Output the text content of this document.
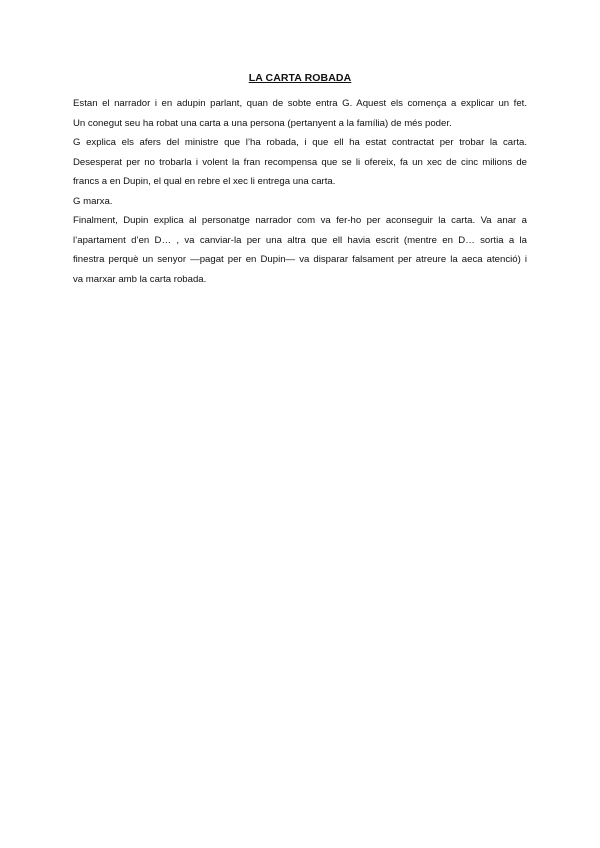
LA CARTA ROBADA

Estan el narrador i en adupin parlant, quan de sobte entra G. Aquest els comença a explicar un fet.
Un conegut seu ha robat una carta a una persona (pertanyent a la família) de més poder.

G explica els afers del ministre que l’ha robada, i que ell ha estat contractat per trobar la carta.
Desesperat per no trobarla i volent la fran recompensa que se li ofereix, fa un xec de cinc milions de
francs a en Dupin, el qual en rebre el xec li entrega una carta.

G marxa.

Finalment, Dupin explica al personatge narrador com va fer-ho per aconseguir la carta. Va anar a
l’apartament d’en D… , va canviar-la per una altra que ell havia escrit (mentre en D… sortia a la
finestra perquè un senyor —pagat per en Dupin— va disparar falsament per atreure la aeca atenció) i
va marxar amb la carta robada.
